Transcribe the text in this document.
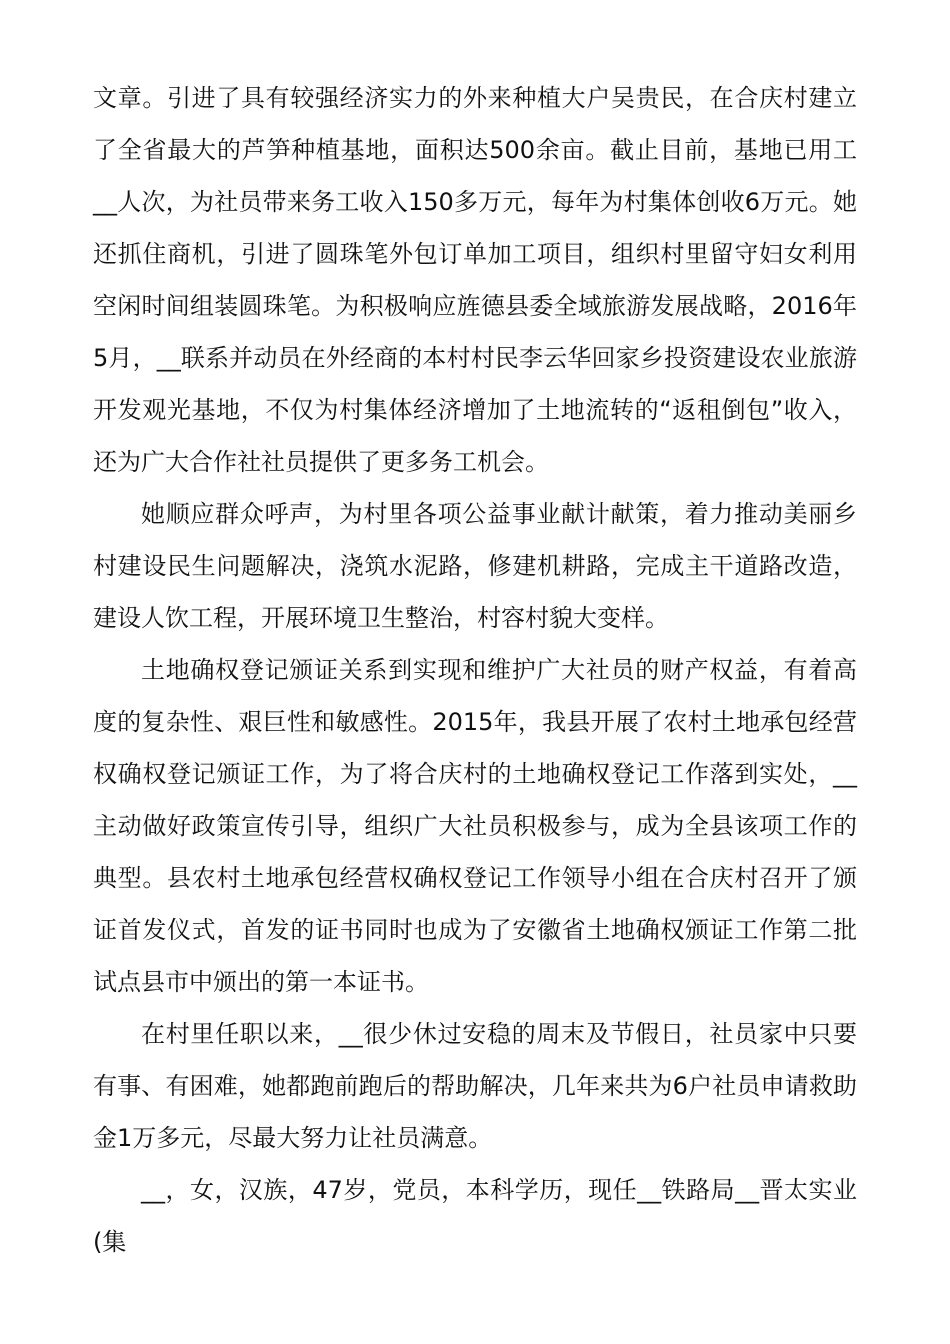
文章。引进了具有较强经济实力的外来种植大户吴贵民，在合庆村建立了全省最大的芦笋种植基地，面积达500余亩。截止目前，基地已用工__人次，为社员带来务工收入150多万元，每年为村集体创收6万元。她还抓住商机，引进了圆珠笔外包订单加工项目，组织村里留守妇女利用空闲时间组装圆珠笔。为积极响应旌德县委全域旅游发展战略，2016年5月，__联系并动员在外经商的本村村民李云华回家乡投资建设农业旅游开发观光基地，不仅为村集体经济增加了土地流转的“返租倒包”收入，还为广大合作社社员提供了更多务工机会。

她顺应群众呼声，为村里各项公益事业献计献策，着力推动美丽乡村建设民生问题解决，浇筑水泥路，修建机耕路，完成主干道路改造，建设人饮工程，开展环境卫生整治，村容村貌大变样。

土地确权登记颁证关系到实现和维护广大社员的财产权益，有着高度的复杂性、艰巨性和敏感性。2015年，我县开展了农村土地承包经营权确权登记颁证工作，为了将合庆村的土地确权登记工作落到实处，__主动做好政策宣传引导，组织广大社员积极参与，成为全县该项工作的典型。县农村土地承包经营权确权登记工作领导小组在合庆村召开了颁证首发仪式，首发的证书同时也成为了安徽省土地确权颁证工作第二批试点县市中颁出的第一本证书。

在村里任职以来，__很少休过安稳的周末及节假日，社员家中只要有事、有困难，她都跑前跑后的帮助解决，几年来共为6户社员申请救助金1万多元，尽最大努力让社员满意。

__，女，汉族，47岁，党员，本科学历，现任__铁路局__晋太实业(集
